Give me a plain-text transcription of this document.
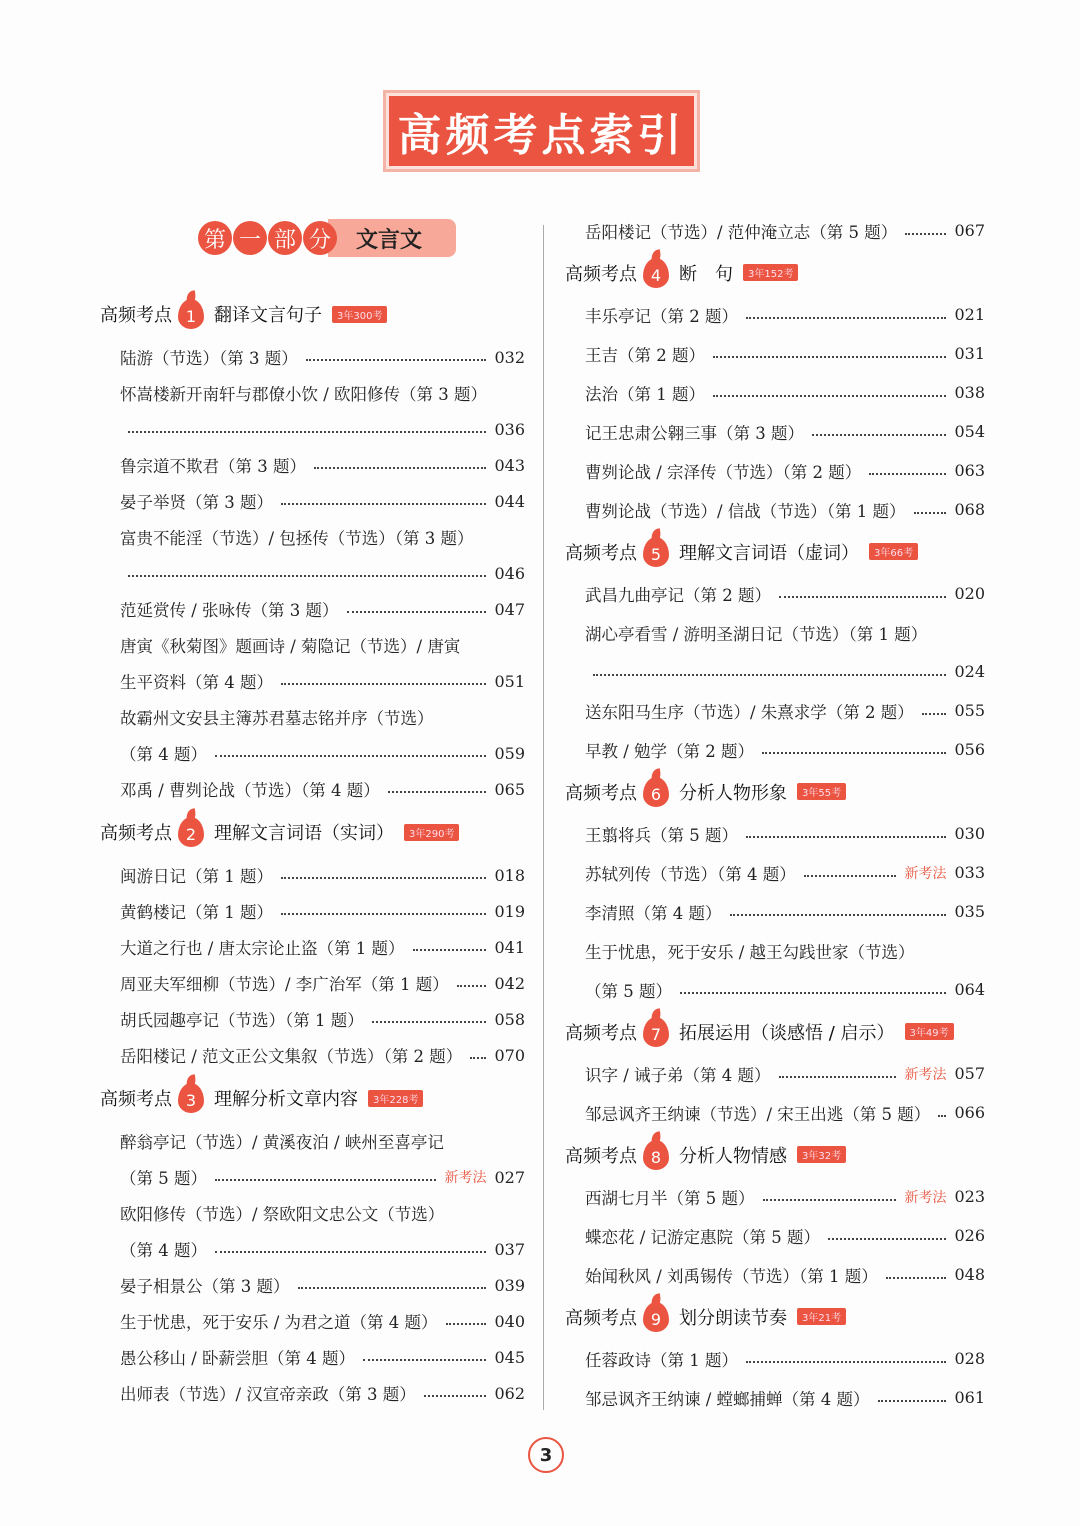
高频考点索引
第 一 部 分	文言文
高频考点 1 翻译文言句子	3年300考
陆游（节选）（第 3 题）	032
怀嵩楼新开南轩与郡僚小饮 / 欧阳修传（第 3 题）
036
鲁宗道不欺君（第 3 题）	043
晏子举贤（第 3 题）	044
富贵不能淫（节选）/ 包拯传（节选）（第 3 题）
046
范延赏传 / 张咏传（第 3 题）	047
唐寅《秋菊图》题画诗 / 菊隐记（节选）/ 唐寅
生平资料（第 4 题）	051
故霸州文安县主簿苏君墓志铭并序（节选）
（第 4 题）	059
邓禹 / 曹刿论战（节选）（第 4 题）	065
高频考点 2 理解文言词语（实词）	3年290考
闽游日记（第 1 题）	018
黄鹤楼记（第 1 题）	019
大道之行也 / 唐太宗论止盗（第 1 题）	041
周亚夫军细柳（节选）/ 李广治军（第 1 题）	042
胡氏园趣亭记（节选）（第 1 题）	058
岳阳楼记 / 范文正公文集叙（节选）（第 2 题） 070
高频考点 3 理解分析文章内容	3年228考
醉翁亭记（节选）/ 黄溪夜泊 / 峡州至喜亭记
（第 5 题）	新考法 027
欧阳修传（节选）/ 祭欧阳文忠公文（节选）
（第 4 题）	037
晏子相景公（第 3 题）	039
生于忧患，死于安乐 / 为君之道（第 4 题）	040
愚公移山 / 卧薪尝胆（第 4 题）	045
出师表（节选）/ 汉宣帝亲政（第 3 题）	062
岳阳楼记（节选）/ 范仲淹立志（第 5 题）	067
高频考点 4 断　句	3年152考
丰乐亭记（第 2 题）	021
王吉（第 2 题）	031
法治（第 1 题）	038
记王忠肃公翱三事（第 3 题）	054
曹刿论战 / 宗泽传（节选）（第 2 题）	063
曹刿论战（节选）/ 信战（节选）（第 1 题）	068
高频考点 5 理解文言词语（虚词）	3年66考
武昌九曲亭记（第 2 题）	020
湖心亭看雪 / 游明圣湖日记（节选）（第 1 题）
024
送东阳马生序（节选）/ 朱熹求学（第 2 题）	055
早教 / 勉学（第 2 题）	056
高频考点 6 分析人物形象	3年55考
王翦将兵（第 5 题）	030
苏轼列传（节选）（第 4 题）	新考法 033
李清照（第 4 题）	035
生于忧患，死于安乐 / 越王勾践世家（节选）
（第 5 题）	064
高频考点 7 拓展运用（谈感悟 / 启示）	3年49考
识字 / 诫子弟（第 4 题）	新考法 057
邹忌讽齐王纳谏（节选）/ 宋王出逃（第 5 题） 066
高频考点 8 分析人物情感	3年32考
西湖七月半（第 5 题）	新考法 023
蝶恋花 / 记游定惠院（第 5 题）	026
始闻秋风 / 刘禹锡传（节选）（第 1 题）	048
高频考点 9 划分朗读节奏	3年21考
任蓉政诗（第 1 题）	028
邹忌讽齐王纳谏 / 螳螂捕蝉（第 4 题）	061
3
